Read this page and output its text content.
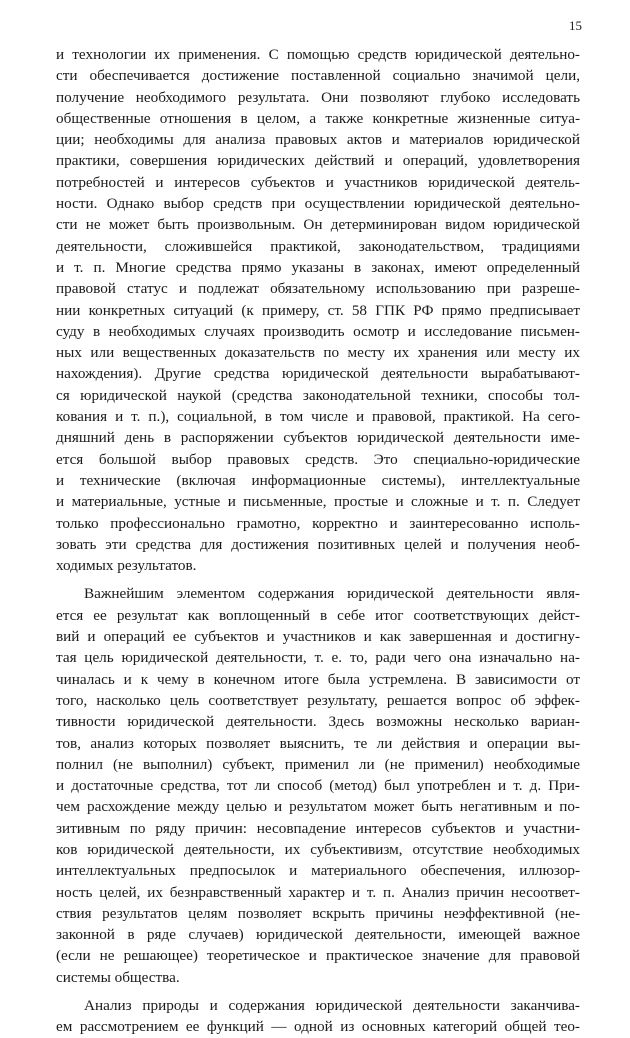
15
и технологии их применения. С помощью средств юридической деятельно-
сти обеспечивается достижение поставленной социально значимой цели,
получение необходимого результата. Они позволяют глубоко исследовать
общественные отношения в целом, а также конкретные жизненные ситуа-
ции; необходимы для анализа правовых актов и материалов юридической
практики, совершения юридических действий и операций, удовлетворения
потребностей и интересов субъектов и участников юридической деятель-
ности. Однако выбор средств при осуществлении юридической деятельно-
сти не может быть произвольным. Он детерминирован видом юридической
деятельности, сложившейся практикой, законодательством, традициями
и т. п. Многие средства прямо указаны в законах, имеют определенный
правовой статус и подлежат обязательному использованию при разреше-
нии конкретных ситуаций (к примеру, ст. 58 ГПК РФ прямо предписывает
суду в необходимых случаях производить осмотр и исследование письмен-
ных или вещественных доказательств по месту их хранения или месту их
нахождения). Другие средства юридической деятельности вырабатывают-
ся юридической наукой (средства законодательной техники, способы тол-
кования и т. п.), социальной, в том числе и правовой, практикой. На сего-
дняшний день в распоряжении субъектов юридической деятельности име-
ется большой выбор правовых средств. Это специально-юридические
и технические (включая информационные системы), интеллектуальные
и материальные, устные и письменные, простые и сложные и т. п. Следует
только профессионально грамотно, корректно и заинтересованно исполь-
зовать эти средства для достижения позитивных целей и получения необ-
ходимых результатов.
Важнейшим элементом содержания юридической деятельности явля-
ется ее результат как воплощенный в себе итог соответствующих дейст-
вий и операций ее субъектов и участников и как завершенная и достигну-
тая цель юридической деятельности, т. е. то, ради чего она изначально на-
чиналась и к чему в конечном итоге была устремлена. В зависимости от
того, насколько цель соответствует результату, решается вопрос об эффек-
тивности юридической деятельности. Здесь возможны несколько вариан-
тов, анализ которых позволяет выяснить, те ли действия и операции вы-
полнил (не выполнил) субъект, применил ли (не применил) необходимые
и достаточные средства, тот ли способ (метод) был употреблен и т. д. При-
чем расхождение между целью и результатом может быть негативным и по-
зитивным по ряду причин: несовпадение интересов субъектов и участни-
ков юридической деятельности, их субъективизм, отсутствие необходимых
интеллектуальных предпосылок и материального обеспечения, иллюзор-
ность целей, их безнравственный характер и т. п. Анализ причин несоответ-
ствия результатов целям позволяет вскрыть причины неэффективной (не-
законной в ряде случаев) юридической деятельности, имеющей важное
(если не решающее) теоретическое и практическое значение для правовой
системы общества.
Анализ природы и содержания юридической деятельности заканчива-
ем рассмотрением ее функций — одной из основных категорий общей тео-
